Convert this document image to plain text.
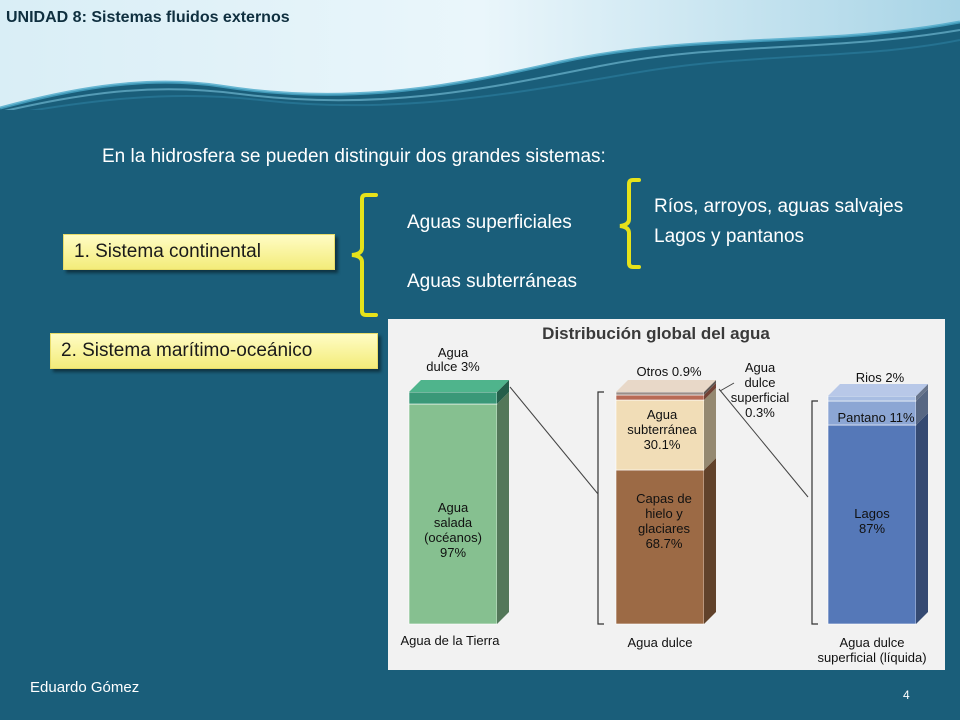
UNIDAD 8: Sistemas fluidos externos
En la hidrosfera se pueden distinguir dos grandes sistemas:
1. Sistema continental
2. Sistema marítimo-oceánico
Aguas superficiales
Aguas subterráneas
Ríos, arroyos, aguas salvajes
Lagos y pantanos
Distribución global del agua
Agua dulce 3%
Agua salada (océanos) 97%
Agua de la Tierra
Otros 0.9%
Agua subterránea 30.1%
Capas de hielo y glaciares 68.7%
Agua dulce superficial 0.3%
Agua dulce
Rios 2%
Pantano 11%
Lagos 87%
Agua dulce superficial (líquida)
Eduardo Gómez	4
